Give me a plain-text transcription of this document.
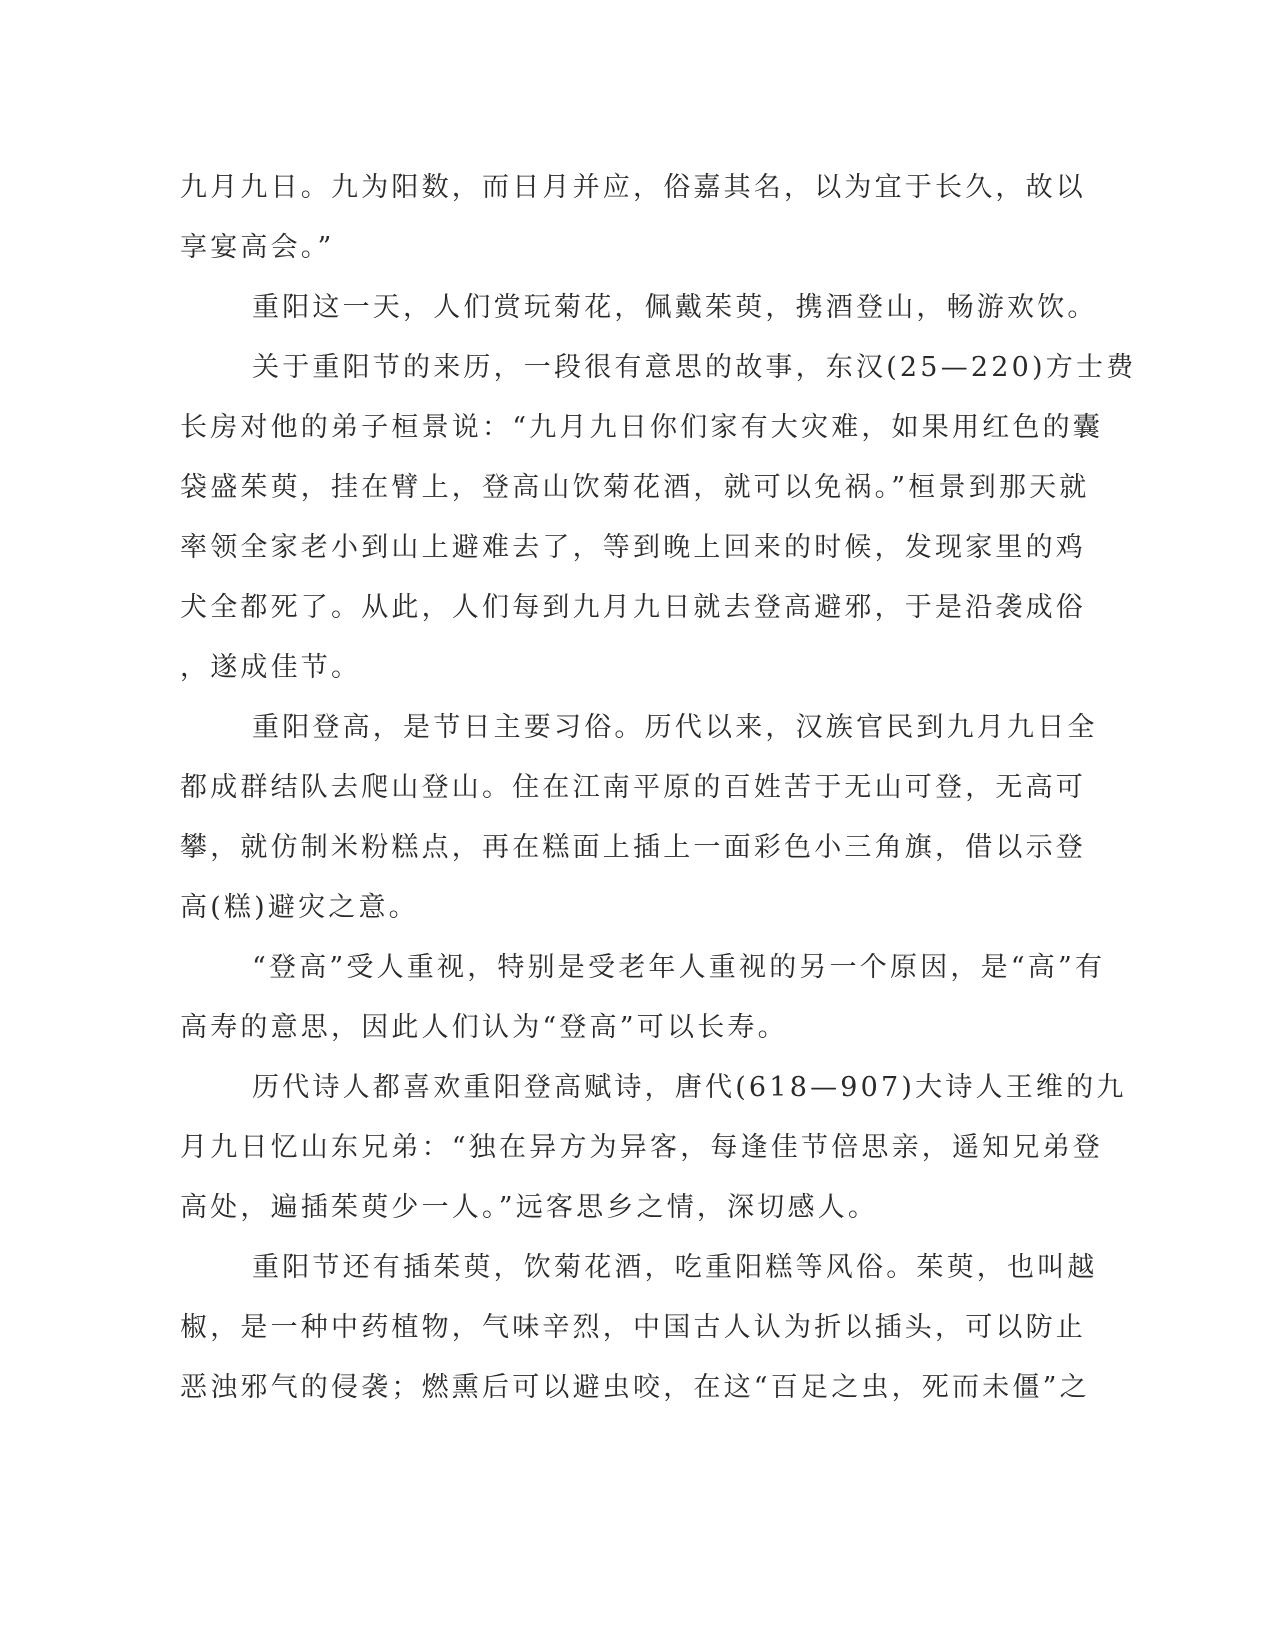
九月九日。九为阳数，而日月并应，俗嘉其名，以为宜于长久，故以
享宴高会。”
重阳这一天，人们赏玩菊花，佩戴茱萸，携酒登山，畅游欢饮。
关于重阳节的来历，一段很有意思的故事，东汉(25—220)方士费
长房对他的弟子桓景说：“九月九日你们家有大灾难，如果用红色的囊
袋盛茱萸，挂在臂上，登高山饮菊花酒，就可以免祸。”桓景到那天就
率领全家老小到山上避难去了，等到晚上回来的时候，发现家里的鸡
犬全都死了。从此，人们每到九月九日就去登高避邪，于是沿袭成俗
，遂成佳节。
重阳登高，是节日主要习俗。历代以来，汉族官民到九月九日全
都成群结队去爬山登山。住在江南平原的百姓苦于无山可登，无高可
攀，就仿制米粉糕点，再在糕面上插上一面彩色小三角旗，借以示登
高(糕)避灾之意。
“登高”受人重视，特别是受老年人重视的另一个原因，是“高”有
高寿的意思，因此人们认为“登高”可以长寿。
历代诗人都喜欢重阳登高赋诗，唐代(618—907)大诗人王维的九
月九日忆山东兄弟：“独在异方为异客，每逢佳节倍思亲，遥知兄弟登
高处，遍插茱萸少一人。”远客思乡之情，深切感人。
重阳节还有插茱萸，饮菊花酒，吃重阳糕等风俗。茱萸，也叫越
椒，是一种中药植物，气味辛烈，中国古人认为折以插头，可以防止
恶浊邪气的侵袭；燃熏后可以避虫咬，在这“百足之虫，死而未僵”之
